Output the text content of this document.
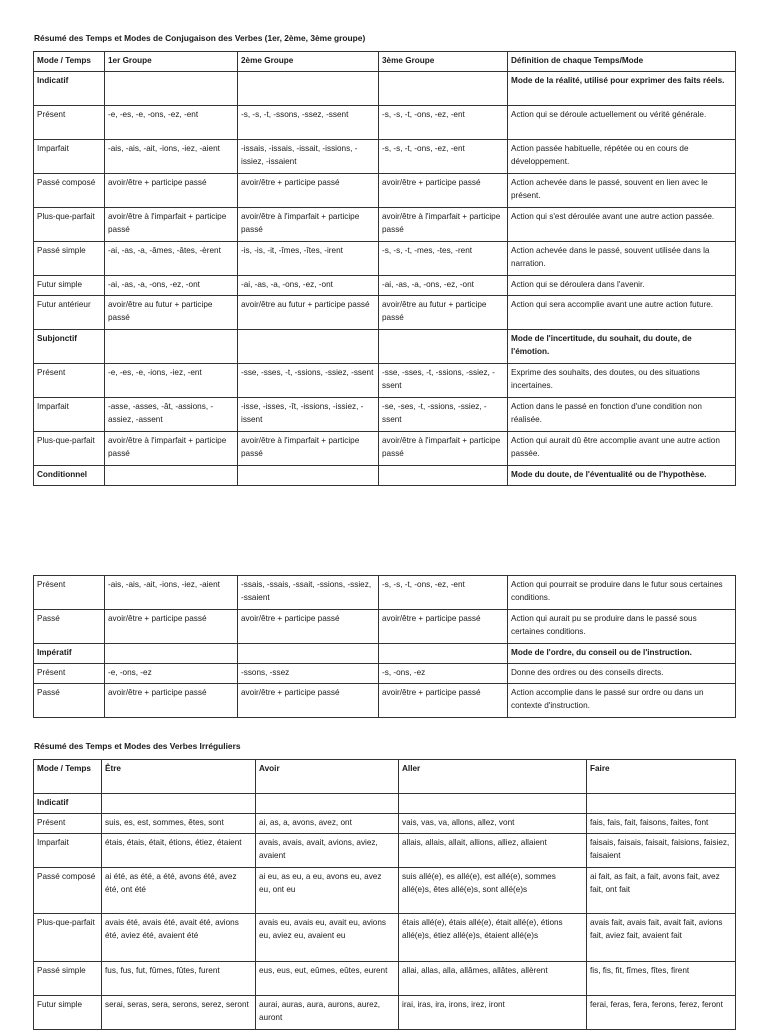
Résumé des Temps et Modes de Conjugaison des Verbes (1er, 2ème, 3ème groupe)
Mode / Temps	1er Groupe	2ème Groupe	3ème Groupe	Définition de chaque Temps/Mode
Indicatif				Mode de la réalité, utilisé pour exprimer des faits réels.
Présent	-e, -es, -e, -ons, -ez, -ent	-s, -s, -t, -ssons, -ssez, -ssent	-s, -s, -t, -ons, -ez, -ent	Action qui se déroule actuellement ou vérité générale.
Imparfait	-ais, -ais, -ait, -ions, -iez, -aient	-issais, -issais, -issait, -issions, -issiez, -issaient	-s, -s, -t, -ons, -ez, -ent	Action passée habituelle, répétée ou en cours de développement.
Passé composé	avoir/être + participe passé	avoir/être + participe passé	avoir/être + participe passé	Action achevée dans le passé, souvent en lien avec le présent.
Plus-que-parfait	avoir/être à l'imparfait + participe passé	avoir/être à l'imparfait + participe passé	avoir/être à l'imparfait + participe passé	Action qui s'est déroulée avant une autre action passée.
Passé simple	-ai, -as, -a, -âmes, -âtes, -èrent	-is, -is, -it, -îmes, -îtes, -irent	-s, -s, -t, -mes, -tes, -rent	Action achevée dans le passé, souvent utilisée dans la narration.
Futur simple	-ai, -as, -a, -ons, -ez, -ont	-ai, -as, -a, -ons, -ez, -ont	-ai, -as, -a, -ons, -ez, -ont	Action qui se déroulera dans l'avenir.
Futur antérieur	avoir/être au futur + participe passé	avoir/être au futur + participe passé	avoir/être au futur + participe passé	Action qui sera accomplie avant une autre action future.
Subjonctif				Mode de l'incertitude, du souhait, du doute, de l'émotion.
Présent	-e, -es, -e, -ions, -iez, -ent	-sse, -sses, -t, -ssions, -ssiez, -ssent	-sse, -sses, -t, -ssions, -ssiez, -ssent	Exprime des souhaits, des doutes, ou des situations incertaines.
Imparfait	-asse, -asses, -ât, -assions, -assiez, -assent	-isse, -isses, -ît, -issions, -issiez, -issent	-se, -ses, -t, -ssions, -ssiez, -ssent	Action dans le passé en fonction d'une condition non réalisée.
Plus-que-parfait	avoir/être à l'imparfait + participe passé	avoir/être à l'imparfait + participe passé	avoir/être à l'imparfait + participe passé	Action qui aurait dû être accomplie avant une autre action passée.
Conditionnel				Mode du doute, de l'éventualité ou de l'hypothèse.
Présent	-ais, -ais, -ait, -ions, -iez, -aient	-ssais, -ssais, -ssait, -ssions, -ssiez, -ssaient	-s, -s, -t, -ons, -ez, -ent	Action qui pourrait se produire dans le futur sous certaines conditions.
Passé	avoir/être + participe passé	avoir/être + participe passé	avoir/être + participe passé	Action qui aurait pu se produire dans le passé sous certaines conditions.
Impératif				Mode de l'ordre, du conseil ou de l'instruction.
Présent	-e, -ons, -ez	-ssons, -ssez	-s, -ons, -ez	Donne des ordres ou des conseils directs.
Passé	avoir/être + participe passé	avoir/être + participe passé	avoir/être + participe passé	Action accomplie dans le passé sur ordre ou dans un contexte d'instruction.
Résumé des Temps et Modes des Verbes Irréguliers
Mode / Temps	Être	Avoir	Aller	Faire
Indicatif				
Présent	suis, es, est, sommes, êtes, sont	ai, as, a, avons, avez, ont	vais, vas, va, allons, allez, vont	fais, fais, fait, faisons, faites, font
Imparfait	étais, étais, était, étions, étiez, étaient	avais, avais, avait, avions, aviez, avaient	allais, allais, allait, allions, alliez, allaient	faisais, faisais, faisait, faisions, faisiez, faisaient
Passé composé	ai été, as été, a été, avons été, avez été, ont été	ai eu, as eu, a eu, avons eu, avez eu, ont eu	suis allé(e), es allé(e), est allé(e), sommes allé(e)s, êtes allé(e)s, sont allé(e)s	ai fait, as fait, a fait, avons fait, avez fait, ont fait
Plus-que-parfait	avais été, avais été, avait été, avions été, aviez été, avaient été	avais eu, avais eu, avait eu, avions eu, aviez eu, avaient eu	étais allé(e), étais allé(e), était allé(e), étions allé(e)s, étiez allé(e)s, étaient allé(e)s	avais fait, avais fait, avait fait, avions fait, aviez fait, avaient fait
Passé simple	fus, fus, fut, fûmes, fûtes, furent	eus, eus, eut, eûmes, eûtes, eurent	allai, allas, alla, allâmes, allâtes, allèrent	fis, fis, fit, fîmes, fîtes, firent
Futur simple	serai, seras, sera, serons, serez, seront	aurai, auras, aura, aurons, aurez, auront	irai, iras, ira, irons, irez, iront	ferai, feras, fera, ferons, ferez, feront
